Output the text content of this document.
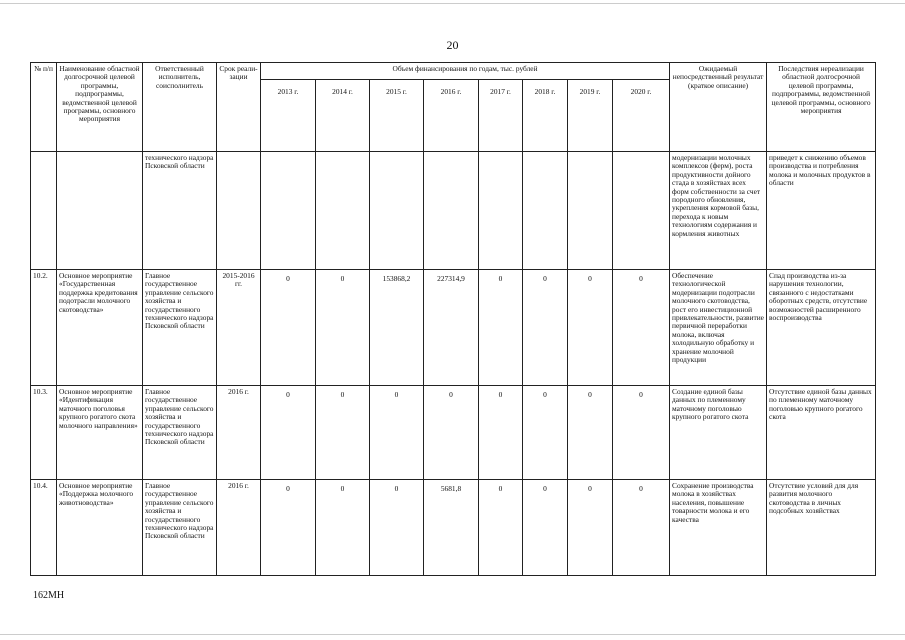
20
№ п/п	Наименование областной долгосрочной целевой программы, подпрограммы, ведомственной целевой программы, основного мероприятия	Ответственный исполнитель, соисполнитель	Срок реали- зации	Объем финансирования по годам, тыс. рублей								Ожидаемый непосредственный результат (краткое описание)	Последствия нереализации областной долгосрочной целевой программы, подпрограммы, ведомственной целевой программы, основного мероприятия
				2013 г.	2014 г.	2015 г.	2016 г.	2017 г.	2018 г.	2019 г.	2020 г.		
		технического надзора Псковской области										модернизации молочных комплексов (ферм), роста продуктивности дойного стада в хозяйствах всех форм собственности за счет породного обновления, укрепления кормовой базы, перехода к новым технологиям содержания и кормления животных	приведет к снижению объемов производства и потребления молока и молочных продуктов в области
10.2.	Основное мероприятие «Государственная поддержка кредитования подотрасли молочного скотоводства»	Главное государственное управление сельского хозяйства и государственного технического надзора Псковской области	2015-2016 гг.	0	0	153868,2	227314,9	0	0	0	0	Обеспечение технологической модернизации подотрасли молочного скотоводства, рост его инвестиционной привлекательности, развитие первичной переработки молока, включая холодильную обработку и хранение молочной продукции	Спад производства из-за нарушения технологии, связанного с недостатками оборотных средств, отсутствие возможностей расширенного воспроизводства
10.3.	Основное мероприятие «Идентификация маточного поголовья крупного рогатого скота молочного направления»	Главное государственное управление сельского хозяйства и государственного технического надзора Псковской области	2016 г.	0	0	0	0	0	0	0	0	Создание единой базы данных по племенному маточному поголовью крупного рогатого скота	Отсутствие единой базы данных по племенному маточному поголовью крупного рогатого скота
10.4.	Основное мероприятие «Поддержка молочного животноводства»	Главное государственное управление сельского хозяйства и государственного технического надзора Псковской области	2016 г.	0	0	0	5681,8	0	0	0	0	Сохранение производства молока в хозяйствах населения, повышение товарности молока и его качества	Отсутствие условий для для развития молочного скотоводства в личных подсобных хозяйствах
162МН
